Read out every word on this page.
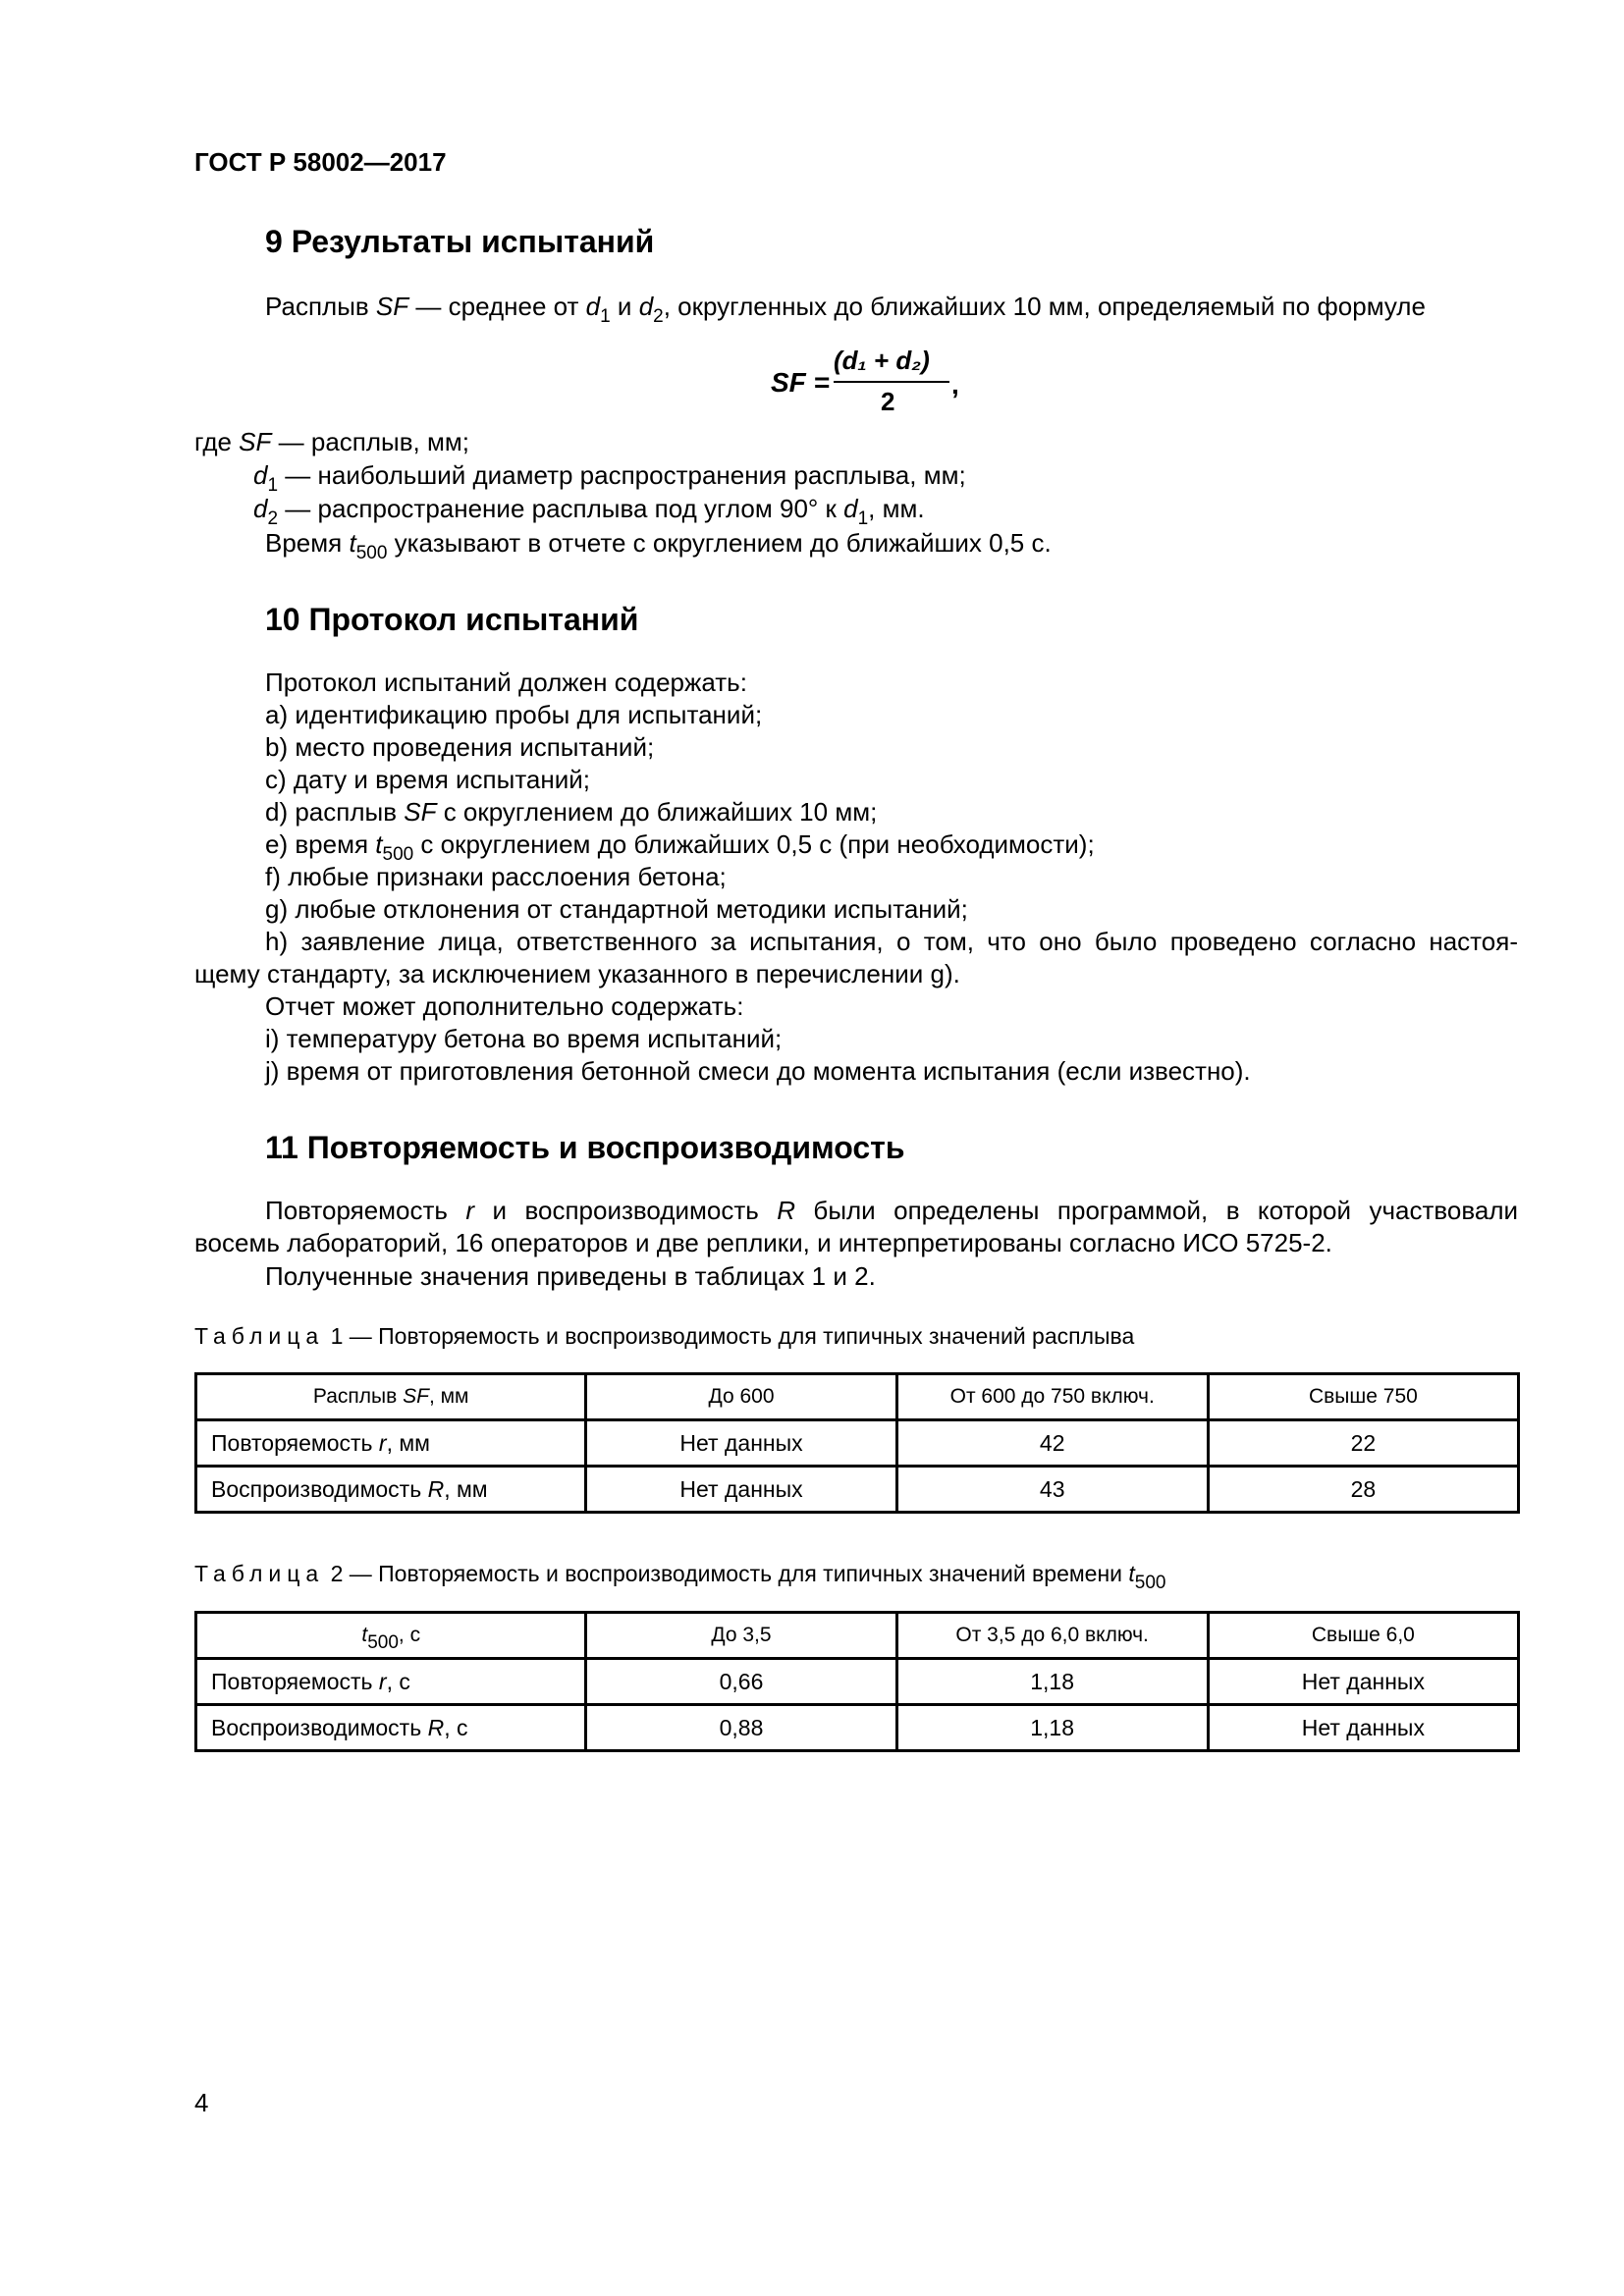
ГОСТ Р 58002—2017
9 Результаты испытаний
Расплыв SF — среднее от $d_1$ и $d_2$, округленных до ближайших 10 мм, определяемый по формуле
SF =
(d₁ + d₂)
2
,
где SF — расплыв, мм;
$d_1$ — наибольший диаметр распространения расплыва, мм;
$d_2$ — распространение расплыва под углом 90° к $d_1$, мм.
Время $t_{500}$ указывают в отчете с округлением до ближайших 0,5 с.
10 Протокол испытаний
Протокол испытаний должен содержать:
a) идентификацию пробы для испытаний;
b) место проведения испытаний;
c) дату и время испытаний;
d) расплыв SF с округлением до ближайших 10 мм;
e) время $t_{500}$ с округлением до ближайших 0,5 с (при необходимости);
f) любые признаки расслоения бетона;
g) любые отклонения от стандартной методики испытаний;
h) заявление лица, ответственного за испытания, о том, что оно было проведено согласно настоя-
щему стандарту, за исключением указанного в перечислении g).
Отчет может дополнительно содержать:
i) температуру бетона во время испытаний;
j) время от приготовления бетонной смеси до момента испытания (если известно).
11 Повторяемость и воспроизводимость
Повторяемость r и воспроизводимость R были определены программой, в которой участвовали
восемь лабораторий, 16 операторов и две реплики, и интерпретированы согласно ИСО 5725-2.
Полученные значения приведены в таблицах 1 и 2.
Таблица 1 — Повторяемость и воспроизводимость для типичных значений расплыва
Расплыв SF, мм	До 600	От 600 до 750 включ.	Свыше 750
Повторяемость r, мм	Нет данных	42	22
Воспроизводимость R, мм	Нет данных	43	28
Таблица 2 — Повторяемость и воспроизводимость для типичных значений времени $t_{500}$
$t_{500}$, с	До 3,5	От 3,5 до 6,0 включ.	Свыше 6,0
Повторяемость r, с	0,66	1,18	Нет данных
Воспроизводимость R, с	0,88	1,18	Нет данных
4
